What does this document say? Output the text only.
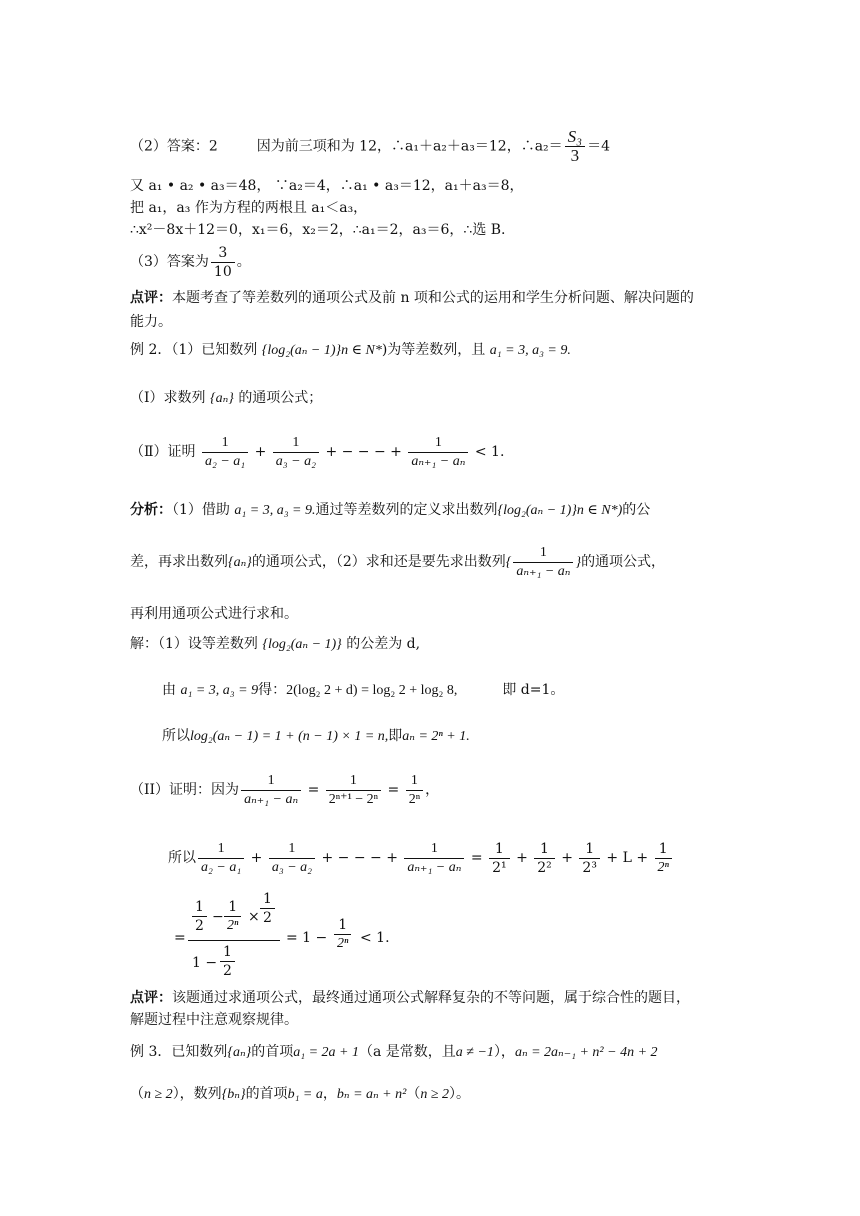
（2）答案：2	因为前三项和为 12，∴a₁＋a₂＋a₃＝12，∴a₂＝ $\frac{\text{S₃}}{3} =4$
又 a₁ • a₂ • a₃＝48， ∵a₂＝4，∴a₁ • a₃＝12，a₁＋a₃＝8，
把 a₁，a₃ 作为方程的两根且 a₁＜a₃，
∴x²－8x＋12＝0，x₁＝6，x₂＝2，∴a₁＝2，a₃＝6，∴选 B.
（3）答案为 $\frac{3}{10}$ 。
点评：本题考查了等差数列的通项公式及前 n 项和公式的运用和学生分析问题、解决问题的
能力。
例 2．（1）已知数列 {log₂(aₙ − 1)}n ∈ N*)为等差数列，且 a₁ = 3, a₃ = 9.
（Ⅰ）求数列 {aₙ} 的通项公式；
（Ⅱ）证明 $\frac{1}{\text{a₂ − a₁}} + \frac{1}{\text{a₃ − a₂}}$ + − − − + $\frac{1}{\text{aₙ₊₁ − aₙ}} < 1$.
分析：（1）借助 a₁ = 3, a₃ = 9.通过等差数列的定义求出数列{log₂(aₙ − 1)}n ∈ N*)的公
差，再求出数列{aₙ}的通项公式，（2）求和还是要先求出数列{ $\frac{1}{\text{aₙ₊₁ − aₙ}}$ }的通项公式，
再利用通项公式进行求和。
解：（1）设等差数列 {log₂(aₙ − 1)} 的公差为 d,
由 a₁ = 3, a₃ = 9得：2(log₂ 2 + d) = log₂ 2 + log₂ 8,	即 d=1。
所以log₂(aₙ − 1) = 1 + (n − 1) × 1 = n,即aₙ = 2ⁿ + 1.
（II）证明：因为 $\frac{1}{\text{aₙ₊₁ − aₙ}} = \frac{1}{\text{2ⁿ⁺¹ − 2ⁿ}} = \frac{1}{\text{2ⁿ}}$ ，
所以 $\frac{1}{\text{a₂ − a₁}} + \frac{1}{\text{a₃ − a₂}}$ + − − − + $\frac{1}{\text{aₙ₊₁ − aₙ}} = \frac{1}{\text{2¹}} + \frac{1}{\text{2²}} + \frac{1}{\text{2³}} + L + \frac{1}{\text{2ⁿ}}$
=
$\frac{1}{2} - \frac{1}{\text{2ⁿ}} \times \frac{1}{2}$
$1 - \frac{1}{2}$
= $1 - \frac{1}{\text{2ⁿ}} < 1$.
点评：该题通过求通项公式，最终通过通项公式解释复杂的不等问题，属于综合性的题目，
解题过程中注意观察规律。
例 3．已知数列{aₙ}的首项a₁ = 2a + 1（a 是常数，且a ≠ −1），aₙ = 2aₙ₋₁ + n² − 4n + 2
（n ≥ 2），数列{bₙ}的首项b₁ = a，bₙ = aₙ + n²（n ≥ 2）。
